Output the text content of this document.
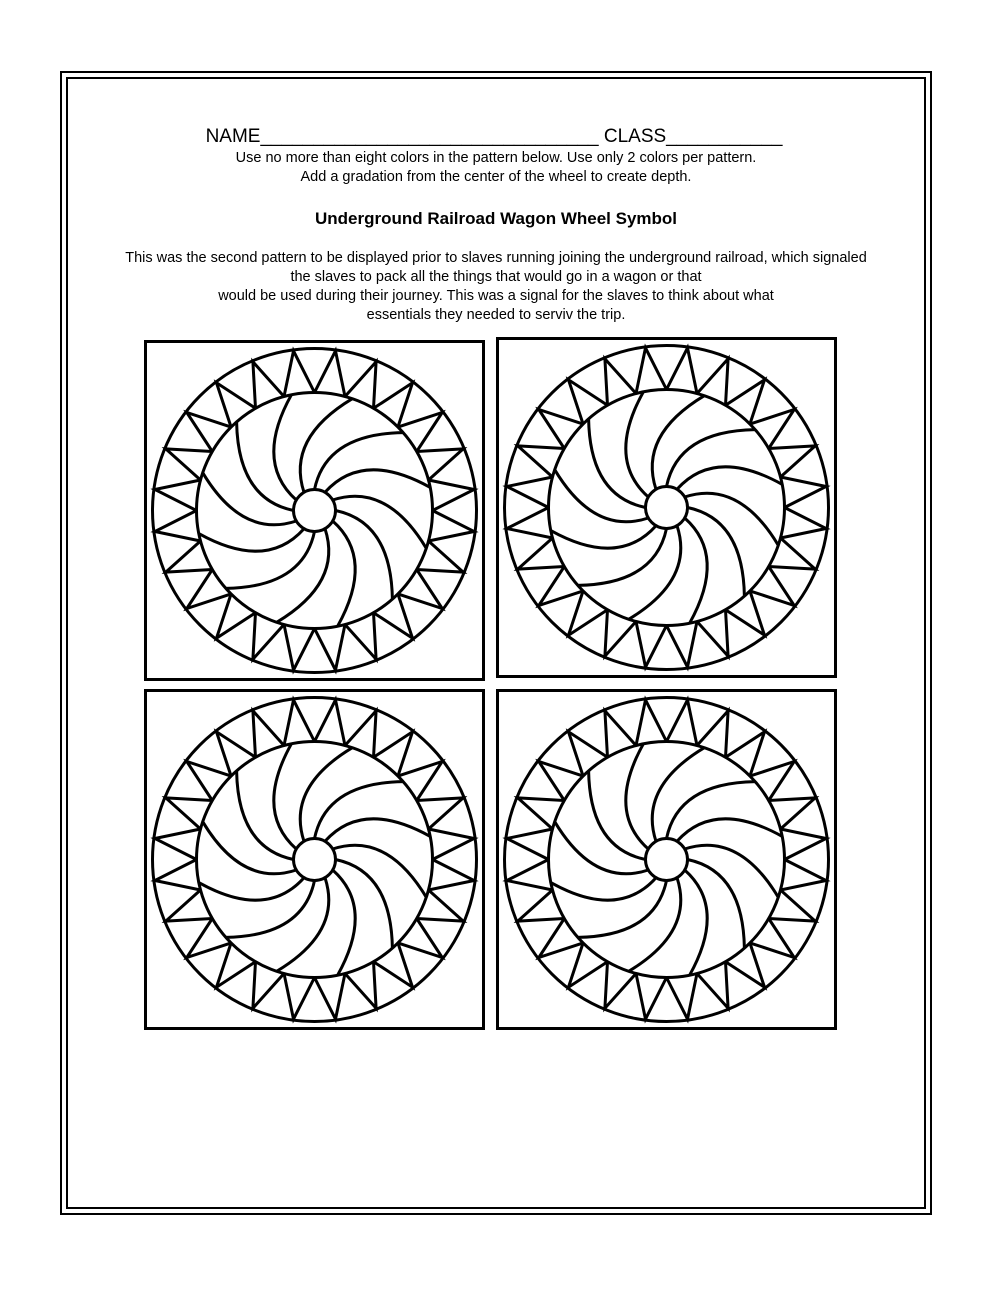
NAME________________________________ CLASS___________
Use no more than eight colors in the pattern below. Use only 2 colors per pattern.
Add a gradation from the center of the wheel to create depth.
Underground Railroad Wagon Wheel Symbol
This was the second pattern to be displayed prior to slaves running joining the underground railroad, which signaled
the slaves to pack all the things that would go in a wagon or that
would be used during their journey. This was a signal for the slaves to think about what
essentials they needed to serviv the trip.
